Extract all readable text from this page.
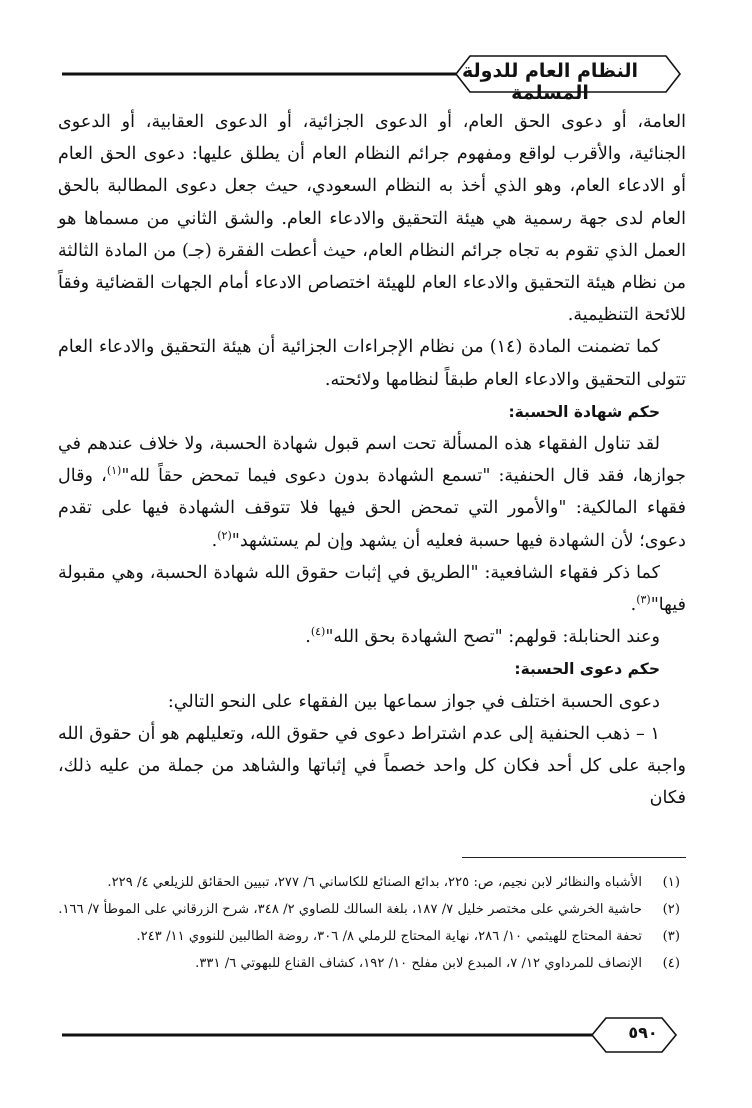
النظام العام للدولة المسلمة

العامة، أو دعوى الحق العام، أو الدعوى الجزائية، أو الدعوى العقابية، أو الدعوى الجنائية، والأقرب لواقع ومفهوم جرائم النظام العام أن يطلق عليها: دعوى الحق العام أو الادعاء العام، وهو الذي أخذ به النظام السعودي، حيث جعل دعوى المطالبة بالحق العام لدى جهة رسمية هي هيئة التحقيق والادعاء العام. والشق الثاني من مسماها هو العمل الذي تقوم به تجاه جرائم النظام العام، حيث أعطت الفقرة (جـ) من المادة الثالثة من نظام هيئة التحقيق والادعاء العام للهيئة اختصاص الادعاء أمام الجهات القضائية وفقاً للائحة التنظيمية.

كما تضمنت المادة (١٤) من نظام الإجراءات الجزائية أن هيئة التحقيق والادعاء العام تتولى التحقيق والادعاء العام طبقاً لنظامها ولائحته.

حكم شهادة الحسبة:

لقد تناول الفقهاء هذه المسألة تحت اسم قبول شهادة الحسبة، ولا خلاف عندهم في جوازها، فقد قال الحنفية: "تسمع الشهادة بدون دعوى فيما تمحض حقاً لله"$^{(١)}$، وقال فقهاء المالكية: "والأمور التي تمحض الحق فيها فلا تتوقف الشهادة فيها على تقدم دعوى؛ لأن الشهادة فيها حسبة فعليه أن يشهد وإن لم يستشهد"$^{(٢)}$.

كما ذكر فقهاء الشافعية: "الطريق في إثبات حقوق الله شهادة الحسبة، وهي مقبولة فيها"$^{(٣)}$.

وعند الحنابلة: قولهم: "تصح الشهادة بحق الله"$^{(٤)}$.

حكم دعوى الحسبة:

دعوى الحسبة اختلف في جواز سماعها بين الفقهاء على النحو التالي:

١ – ذهب الحنفية إلى عدم اشتراط دعوى في حقوق الله، وتعليلهم هو أن حقوق الله واجبة على كل أحد فكان كل واحد خصماً في إثباتها والشاهد من جملة من عليه ذلك، فكان

(١)
الأشباه والنظائر لابن نجيم، ص: ٢٢٥، بدائع الصنائع للكاساني ٦/ ٢٧٧، تبيين الحقائق للزيلعي ٤/ ٢٢٩.

(٢)
حاشية الخرشي على مختصر خليل ٧/ ١٨٧، بلغة السالك للصاوي ٢/ ٣٤٨، شرح الزرقاني على الموطأ ٧/ ١٦٦.

(٣)
تحفة المحتاج للهيثمي ١٠/ ٢٨٦، نهاية المحتاج للرملي ٨/ ٣٠٦، روضة الطالبين للنووي ١١/ ٢٤٣.

(٤)
الإنصاف للمرداوي ١٢/ ٧، المبدع لابن مفلح ١٠/ ١٩٢، كشاف القناع للبهوتي ٦/ ٣٣١.

٥٩٠
